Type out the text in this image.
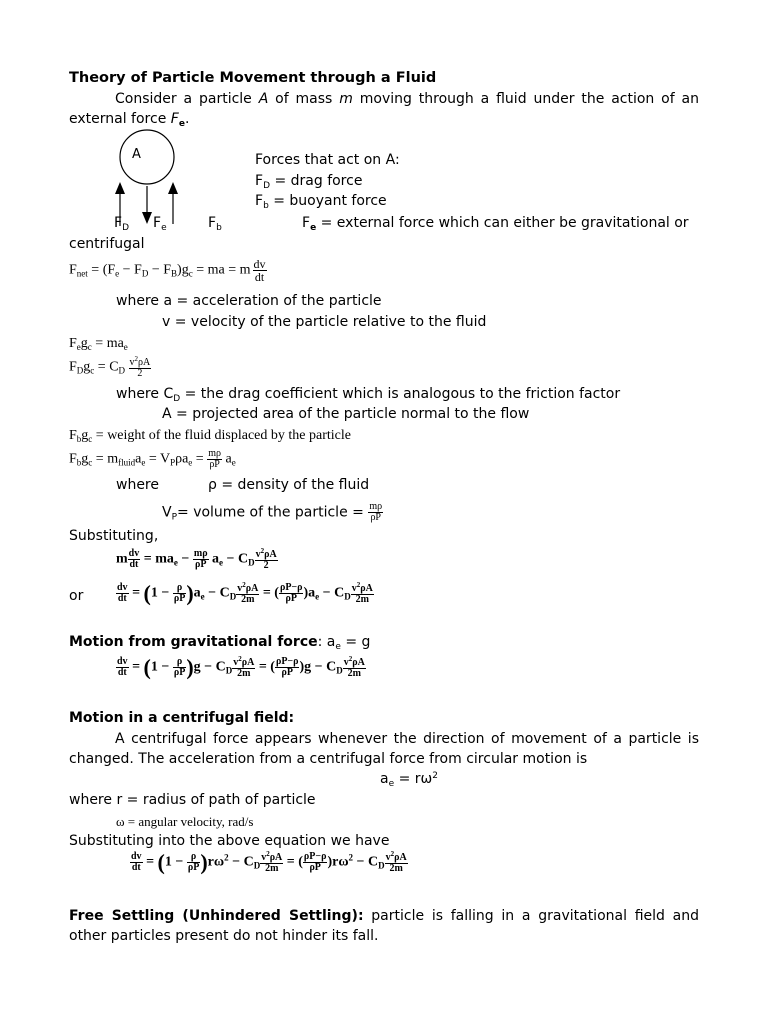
Theory of Particle Movement through a Fluid
Consider a particle A of mass m moving through a fluid under the action of an external force $F_e$.
A
$F_D$ $F_e$	$F_b$
Forces that act on A:
$F_D$ = drag force
$F_b$ = buoyant force
$F_e$ = external force which can either be gravitational or
centrifugal
$F_{net} = (F_e - F_D - F_B)g_c$ = ma = m $\frac{dv}{dt}$
where a = acceleration of the particle
v = velocity of the particle relative to the fluid
$F_eg_c = ma_e$
$F_Dg_c = C_D \frac{v^2\rho A}{2}$
where $C_D$ = the drag coefficient which is analogous to the friction factor
A = projected area of the particle normal to the flow
$F_bg_c$ = weight of the fluid displaced by the particle
$F_bg_c = m_{fluid}a_e = V_P\rho a_e = \frac{m\rho}{\rho P} a_e$
where	ρ = density of the fluid
$V_P=$ volume of the particle = $\frac{m\rho}{\rho P}$
Substituting,
m $\frac{dv}{dt} = ma_e - \frac{m\rho}{\rho P} a_e - C_D \frac{v^2\rho A}{2}$
or	$\frac{dv}{dt} = (1 - \frac{\rho}{\rho P} )a_e - C_D \frac{v^2\rho A}{2m}$ = ( $\frac{\rho P-\rho}{\rho P} )a_e - C_D \frac{v^2\rho A}{2m}$
Motion from gravitational force: $a_e = g$
$\frac{dv}{dt} = (1 - \frac{\rho}{\rho P} )g - C_D \frac{v^2\rho A}{2m}$ = ( $\frac{\rho P-\rho}{\rho P} )g - C_D \frac{v^2\rho A}{2m}$
Motion in a centrifugal field:
A centrifugal force appears whenever the direction of movement of a particle is changed. The acceleration from a centrifugal force from circular motion is
$a_e = r\omega^2$
where r = radius of path of particle
ω = angular velocity, rad/s
Substituting into the above equation we have
$\frac{dv}{dt} = (1 - \frac{\rho}{\rho P} )r\omega^2 - C_D \frac{v^2\rho A}{2m}$ = ( $\frac{\rho P-\rho}{\rho P} )r\omega^2 - C_D \frac{v^2\rho A}{2m}$
Free Settling (Unhindered Settling): particle is falling in a gravitational field and other particles present do not hinder its fall.
